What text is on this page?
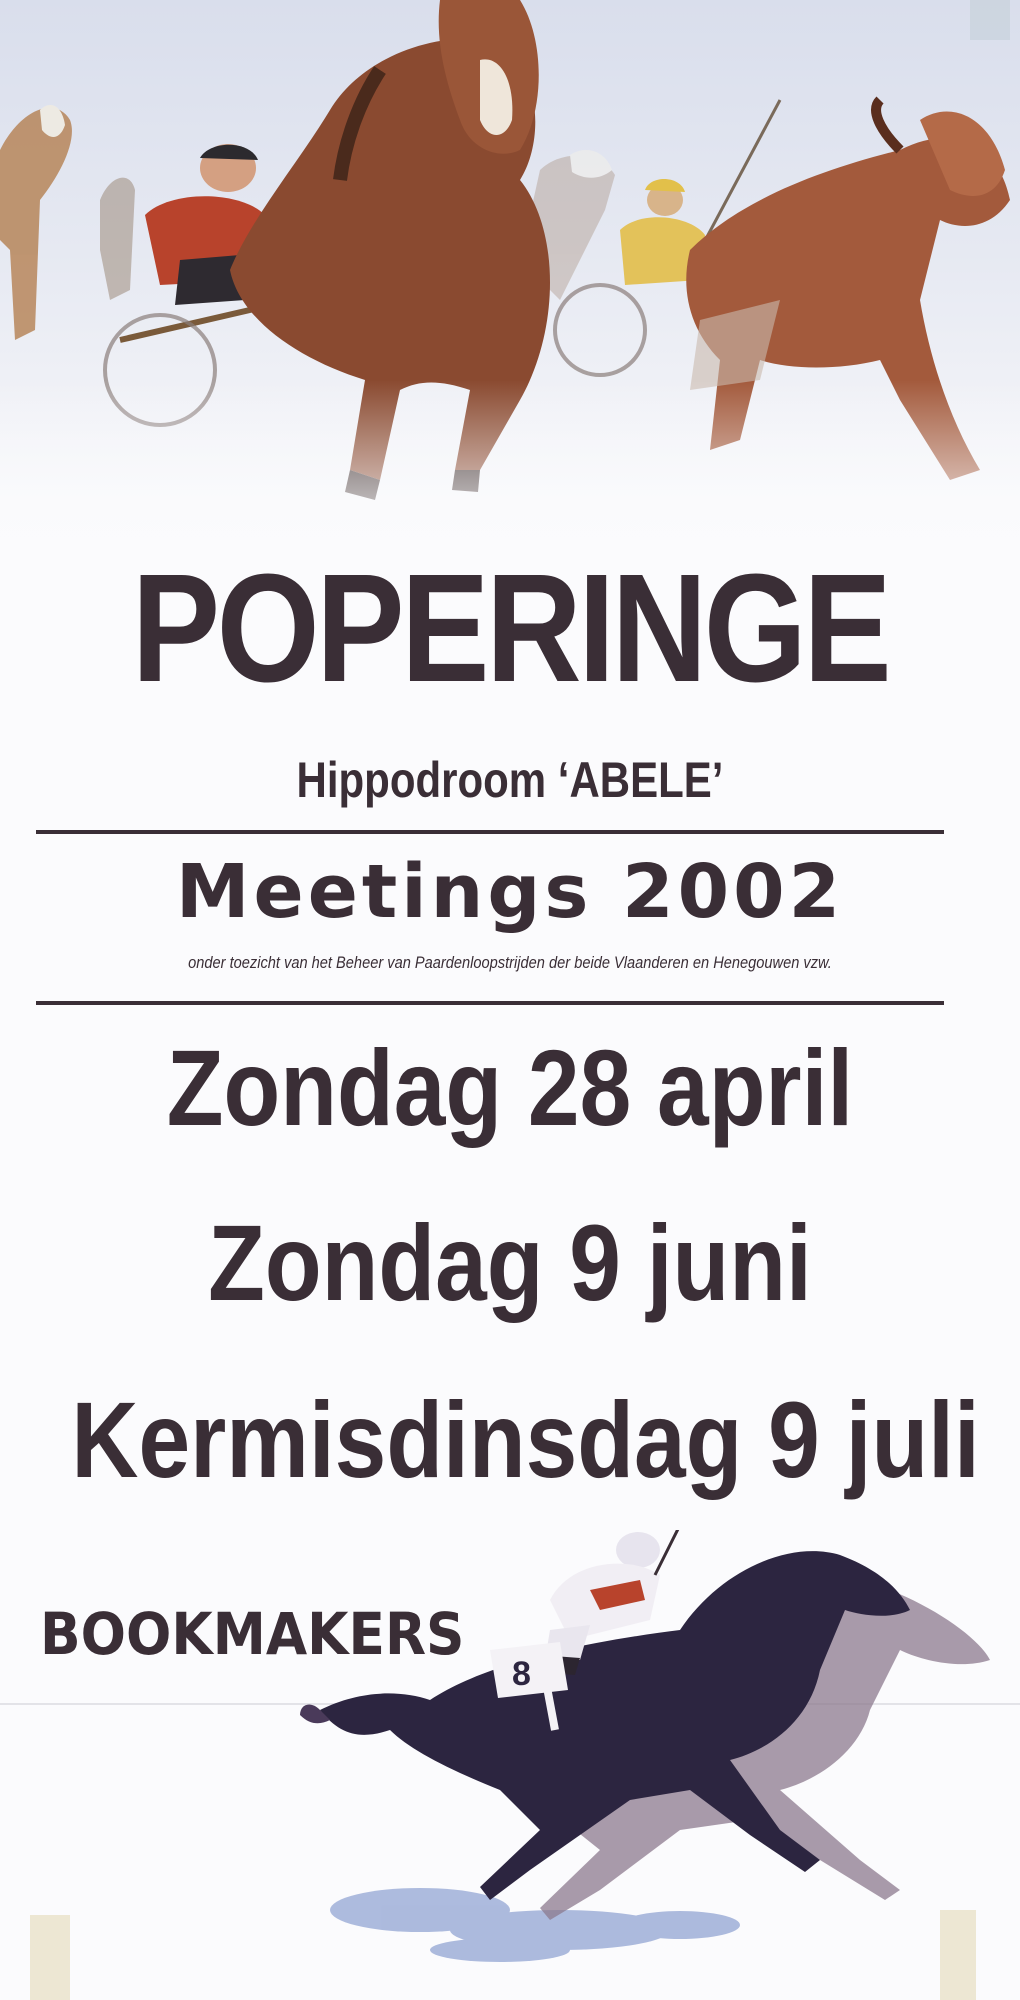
POPERINGE
Hippodroom ‘ABELE’
Meetings 2002
onder toezicht van het Beheer van Paardenloopstrijden der beide Vlaanderen en Henegouwen vzw.
Zondag 28 april
Zondag 9 juni
Kermisdinsdag 9 juli
8
BOOKMAKERS
